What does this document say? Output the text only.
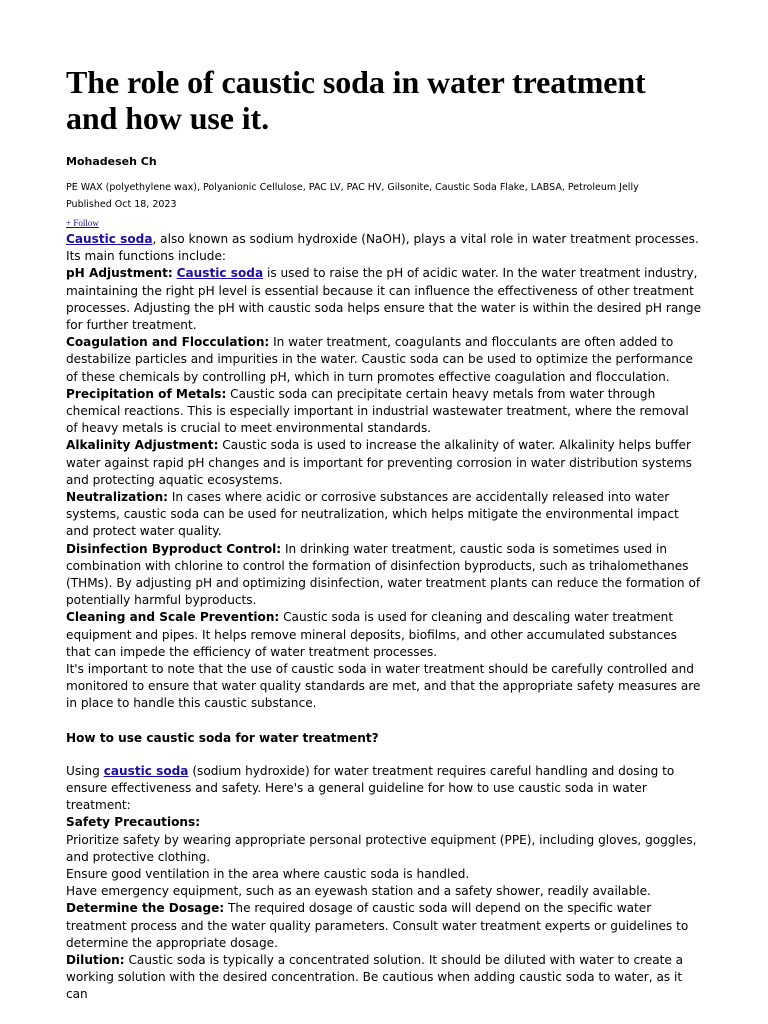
The role of caustic soda in water treatment and how use it.
Mohadeseh Ch
PE WAX (polyethylene wax), Polyanionic Cellulose, PAC LV, PAC HV, Gilsonite, Caustic Soda Flake, LABSA, Petroleum Jelly
Published Oct 18, 2023
+ Follow

Caustic soda, also known as sodium hydroxide (NaOH), plays a vital role in water treatment processes. Its main functions include:

pH Adjustment: Caustic soda is used to raise the pH of acidic water. In the water treatment industry, maintaining the right pH level is essential because it can influence the effectiveness of other treatment processes. Adjusting the pH with caustic soda helps ensure that the water is within the desired pH range for further treatment.

Coagulation and Flocculation: In water treatment, coagulants and flocculants are often added to destabilize particles and impurities in the water. Caustic soda can be used to optimize the performance of these chemicals by controlling pH, which in turn promotes effective coagulation and flocculation.

Precipitation of Metals: Caustic soda can precipitate certain heavy metals from water through chemical reactions. This is especially important in industrial wastewater treatment, where the removal of heavy metals is crucial to meet environmental standards.

Alkalinity Adjustment: Caustic soda is used to increase the alkalinity of water. Alkalinity helps buffer water against rapid pH changes and is important for preventing corrosion in water distribution systems and protecting aquatic ecosystems.

Neutralization: In cases where acidic or corrosive substances are accidentally released into water systems, caustic soda can be used for neutralization, which helps mitigate the environmental impact and protect water quality.

Disinfection Byproduct Control: In drinking water treatment, caustic soda is sometimes used in combination with chlorine to control the formation of disinfection byproducts, such as trihalomethanes (THMs). By adjusting pH and optimizing disinfection, water treatment plants can reduce the formation of potentially harmful byproducts.

Cleaning and Scale Prevention: Caustic soda is used for cleaning and descaling water treatment equipment and pipes. It helps remove mineral deposits, biofilms, and other accumulated substances that can impede the efficiency of water treatment processes.

It's important to note that the use of caustic soda in water treatment should be carefully controlled and monitored to ensure that water quality standards are met, and that the appropriate safety measures are in place to handle this caustic substance.

How to use caustic soda for water treatment?

Using caustic soda (sodium hydroxide) for water treatment requires careful handling and dosing to ensure effectiveness and safety. Here's a general guideline for how to use caustic soda in water treatment:

Safety Precautions:

Prioritize safety by wearing appropriate personal protective equipment (PPE), including gloves, goggles, and protective clothing.

Ensure good ventilation in the area where caustic soda is handled.

Have emergency equipment, such as an eyewash station and a safety shower, readily available.

Determine the Dosage: The required dosage of caustic soda will depend on the specific water treatment process and the water quality parameters. Consult water treatment experts or guidelines to determine the appropriate dosage.

Dilution: Caustic soda is typically a concentrated solution. It should be diluted with water to create a working solution with the desired concentration. Be cautious when adding caustic soda to water, as it can
